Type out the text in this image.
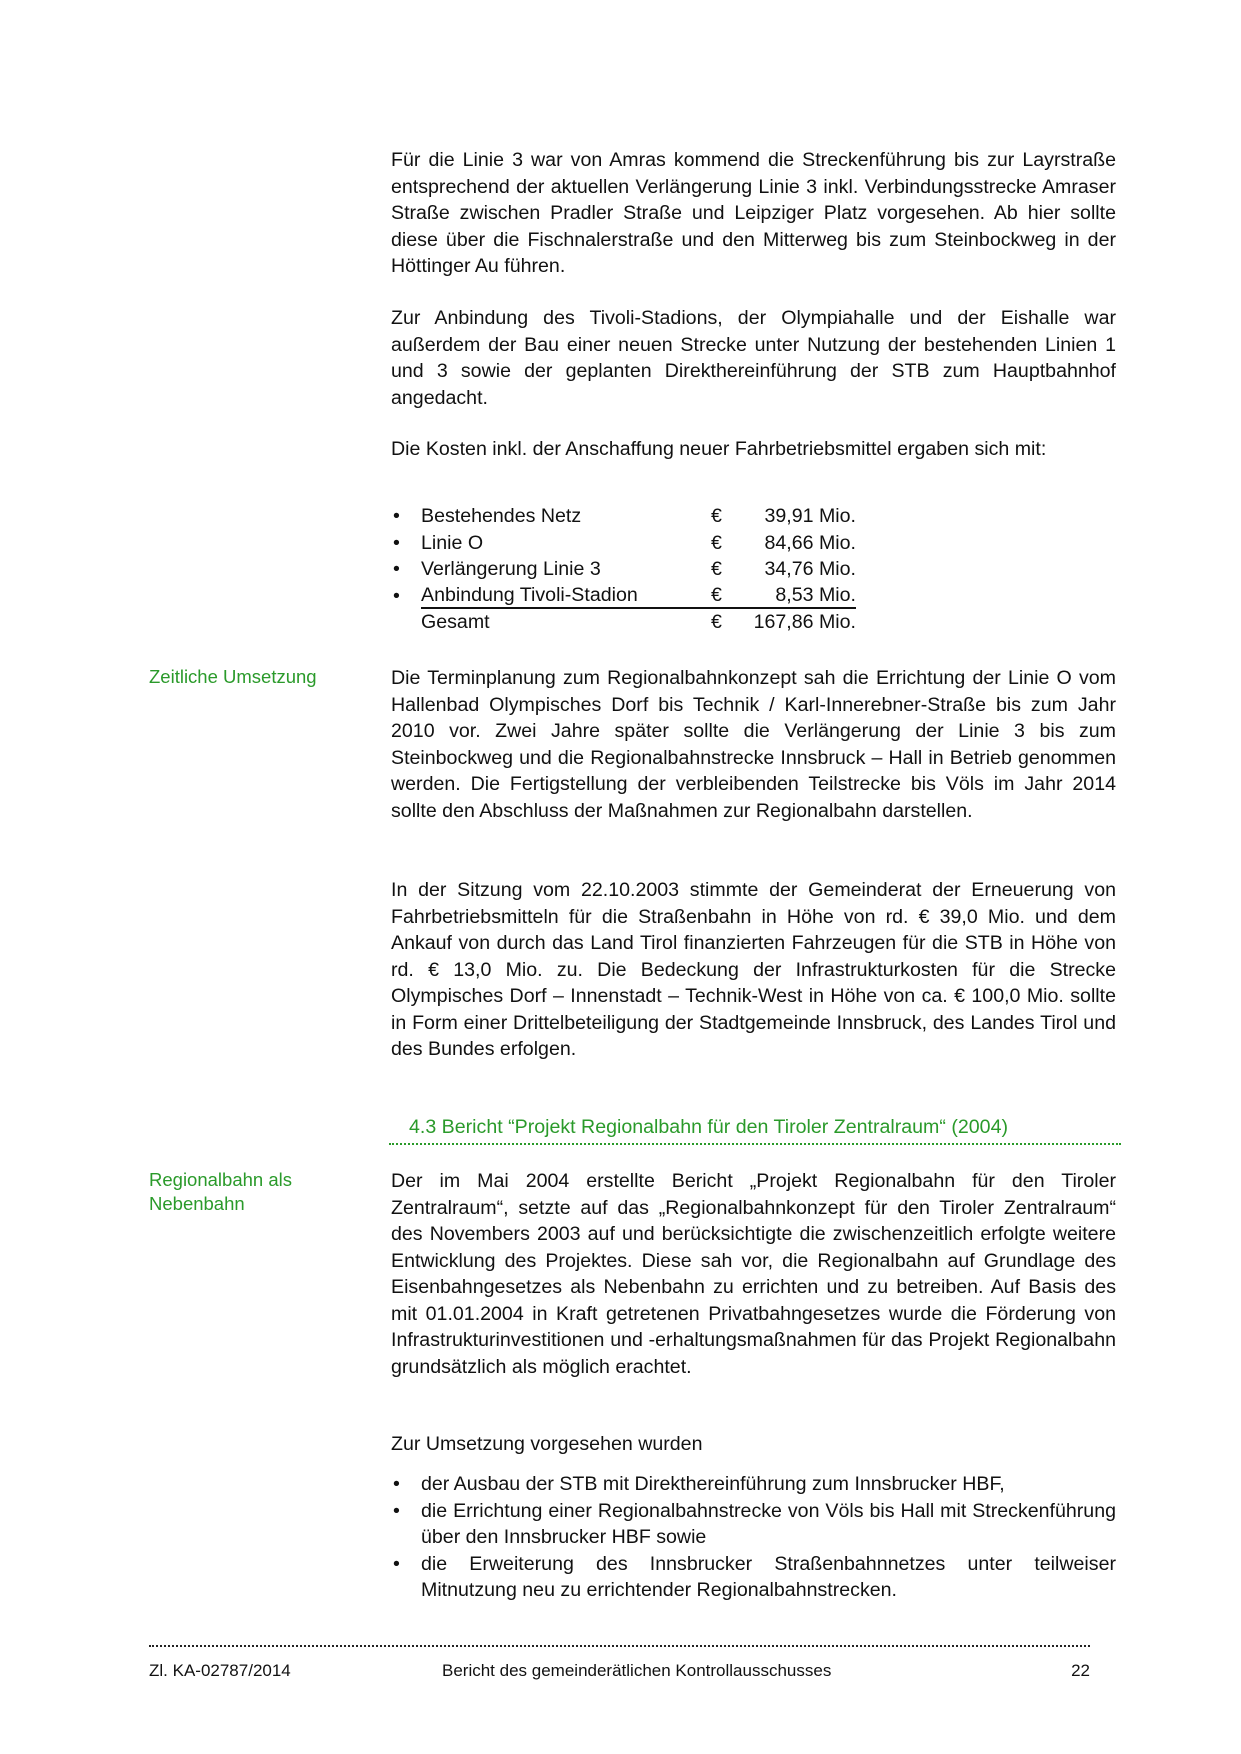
Für die Linie 3 war von Amras kommend die Streckenführung bis zur Layrstraße entsprechend der aktuellen Verlängerung Linie 3 inkl. Verbindungsstrecke Amraser Straße zwischen Pradler Straße und Leipziger Platz vorgesehen. Ab hier sollte diese über die Fischnalerstraße und den Mitterweg bis zum Steinbockweg in der Höttinger Au führen.

Zur Anbindung des Tivoli-Stadions, der Olympiahalle und der Eishalle war außerdem der Bau einer neuen Strecke unter Nutzung der bestehenden Linien 1 und 3 sowie der geplanten Direkthereinführung der STB zum Hauptbahnhof angedacht.

Die Kosten inkl. der Anschaffung neuer Fahrbetriebsmittel ergaben sich mit:

• Bestehendes Netz	€	39,91 Mio.
• Linie O	€	84,66 Mio.
• Verlängerung Linie 3	€	34,76 Mio.
• Anbindung Tivoli-Stadion	€	8,53 Mio.
Gesamt	€	167,86 Mio.
Zeitliche Umsetzung	Die Terminplanung zum Regionalbahnkonzept sah die Errichtung der Linie O vom Hallenbad Olympisches Dorf bis Technik / Karl-Innerebner-Straße bis zum Jahr 2010 vor. Zwei Jahre später sollte die Verlängerung der Linie 3 bis zum Steinbockweg und die Regionalbahnstrecke Innsbruck – Hall in Betrieb genommen werden. Die Fertigstellung der verbleibenden Teilstrecke bis Völs im Jahr 2014 sollte den Abschluss der Maßnahmen zur Regionalbahn darstellen.

In der Sitzung vom 22.10.2003 stimmte der Gemeinderat der Erneuerung von Fahrbetriebsmitteln für die Straßenbahn in Höhe von rd. € 39,0 Mio. und dem Ankauf von durch das Land Tirol finanzierten Fahrzeugen für die STB in Höhe von rd. € 13,0 Mio. zu. Die Bedeckung der Infrastrukturkosten für die Strecke Olympisches Dorf – Innenstadt – Technik-West in Höhe von ca. € 100,0 Mio. sollte in Form einer Drittelbeteiligung der Stadtgemeinde Innsbruck, des Landes Tirol und des Bundes erfolgen.

4.3 Bericht “Projekt Regionalbahn für den Tiroler Zentralraum“ (2004)
Regionalbahn als Nebenbahn

Der im Mai 2004 erstellte Bericht „Projekt Regionalbahn für den Tiroler Zentralraum“, setzte auf das „Regionalbahnkonzept für den Tiroler Zentralraum“ des Novembers 2003 auf und berücksichtigte die zwischenzeitlich erfolgte weitere Entwicklung des Projektes. Diese sah vor, die Regionalbahn auf Grundlage des Eisenbahngesetzes als Nebenbahn zu errichten und zu betreiben. Auf Basis des mit 01.01.2004 in Kraft getretenen Privatbahngesetzes wurde die Förderung von Infrastrukturinvestitionen und -erhaltungsmaßnahmen für das Projekt Regionalbahn grundsätzlich als möglich erachtet.

Zur Umsetzung vorgesehen wurden

• der Ausbau der STB mit Direkthereinführung zum Innsbrucker HBF,
• die Errichtung einer Regionalbahnstrecke von Völs bis Hall mit Streckenführung über den Innsbrucker HBF sowie
• die Erweiterung des Innsbrucker Straßenbahnnetzes unter teilweiser Mitnutzung neu zu errichtender Regionalbahnstrecken.
Zl. KA-02787/2014	Bericht des gemeinderätlichen Kontrollausschusses	22
